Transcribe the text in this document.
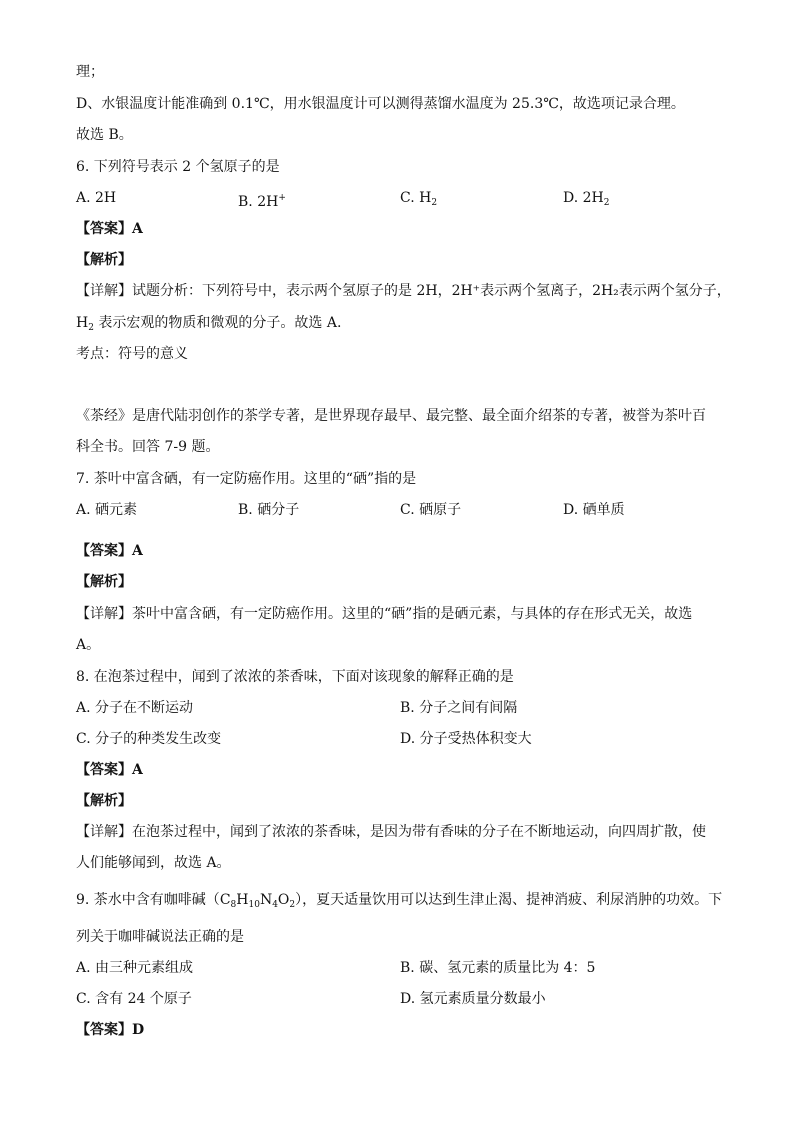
理；
D、水银温度计能准确到 0.1℃，用水银温度计可以测得蒸馏水温度为 25.3℃，故选项记录合理。
故选 B。
6. 下列符号表示 2 个氢原子的是
A. 2H	B. 2H+	C. $H_2$	D. $2H_2$
【答案】A
【解析】
【详解】试题分析：下列符号中，表示两个氢原子的是 2H，2H⁺表示两个氢离子，2H₂表示两个氢分子，
$H_2$ 表示宏观的物质和微观的分子。故选 A.
考点：符号的意义
《茶经》是唐代陆羽创作的茶学专著，是世界现存最早、最完整、最全面介绍茶的专著，被誉为茶叶百
科全书。回答 7-9 题。
7. 茶叶中富含硒，有一定防癌作用。这里的“硒”指的是
A. 硒元素	B. 硒分子	C. 硒原子	D. 硒单质
【答案】A
【解析】
【详解】茶叶中富含硒，有一定防癌作用。这里的“硒”指的是硒元素，与具体的存在形式无关，故选
A。
8. 在泡茶过程中，闻到了浓浓的茶香味，下面对该现象的解释正确的是
A. 分子在不断运动	B. 分子之间有间隔
C. 分子的种类发生改变	D. 分子受热体积变大
【答案】A
【解析】
【详解】在泡茶过程中，闻到了浓浓的茶香味，是因为带有香味的分子在不断地运动，向四周扩散，使
人们能够闻到，故选 A。
9. 茶水中含有咖啡碱$(C_8H_{10}N_4O_2)$，夏天适量饮用可以达到生津止渴、提神消疲、利尿消肿的功效。下
列关于咖啡碱说法正确的是
A. 由三种元素组成	B. 碳、氢元素的质量比为 4：5
C. 含有 24 个原子	D. 氢元素质量分数最小
【答案】D
